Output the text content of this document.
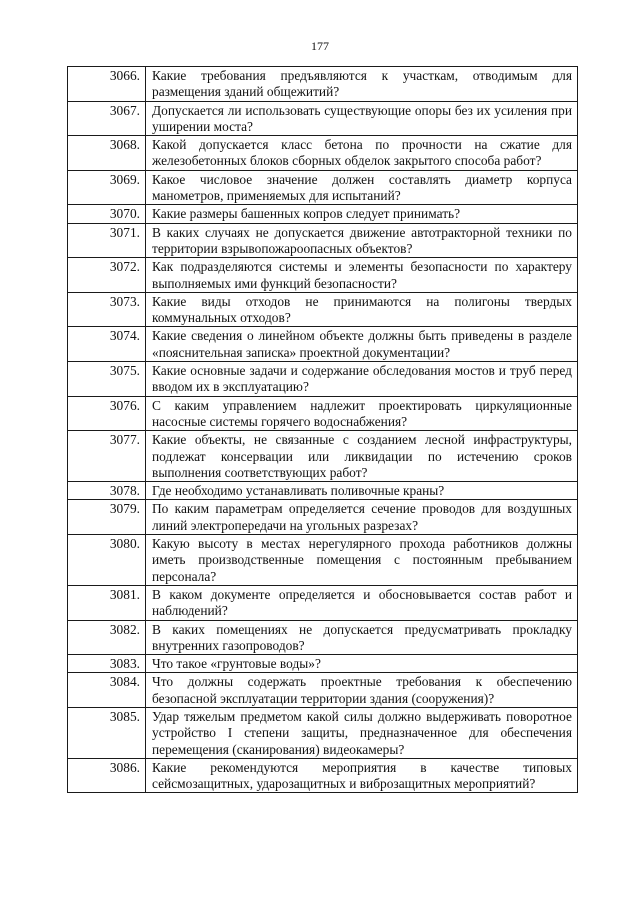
177
3066.	Какие требования предъявляются к участкам, отводимым для размещения зданий общежитий?
3067.	Допускается ли использовать существующие опоры без их усиления при уширении моста?
3068.	Какой допускается класс бетона по прочности на сжатие для железобетонных блоков сборных обделок закрытого способа работ?
3069.	Какое числовое значение должен составлять диаметр корпуса манометров, применяемых для испытаний?
3070.	Какие размеры башенных копров следует принимать?
3071.	В каких случаях не допускается движение автотракторной техники по территории взрывопожароопасных объектов?
3072.	Как подразделяются системы и элементы безопасности по характеру выполняемых ими функций безопасности?
3073.	Какие виды отходов не принимаются на полигоны твердых коммунальных отходов?
3074.	Какие сведения о линейном объекте должны быть приведены в разделе «пояснительная записка» проектной документации?
3075.	Какие основные задачи и содержание обследования мостов и труб перед вводом их в эксплуатацию?
3076.	С каким управлением надлежит проектировать циркуляционные насосные системы горячего водоснабжения?
3077.	Какие объекты, не связанные с созданием лесной инфраструктуры, подлежат консервации или ликвидации по истечению сроков выполнения соответствующих работ?
3078.	Где необходимо устанавливать поливочные краны?
3079.	По каким параметрам определяется сечение проводов для воздушных линий электропередачи на угольных разрезах?
3080.	Какую высоту в местах нерегулярного прохода работников должны иметь производственные помещения с постоянным пребыванием персонала?
3081.	В каком документе определяется и обосновывается состав работ и наблюдений?
3082.	В каких помещениях не допускается предусматривать прокладку внутренних газопроводов?
3083.	Что такое «грунтовые воды»?
3084.	Что должны содержать проектные требования к обеспечению безопасной эксплуатации территории здания (сооружения)?
3085.	Удар тяжелым предметом какой силы должно выдерживать поворотное устройство I степени защиты, предназначенное для обеспечения перемещения (сканирования) видеокамеры?
3086.	Какие рекомендуются мероприятия в качестве типовых сейсмозащитных, ударозащитных и виброзащитных мероприятий?
